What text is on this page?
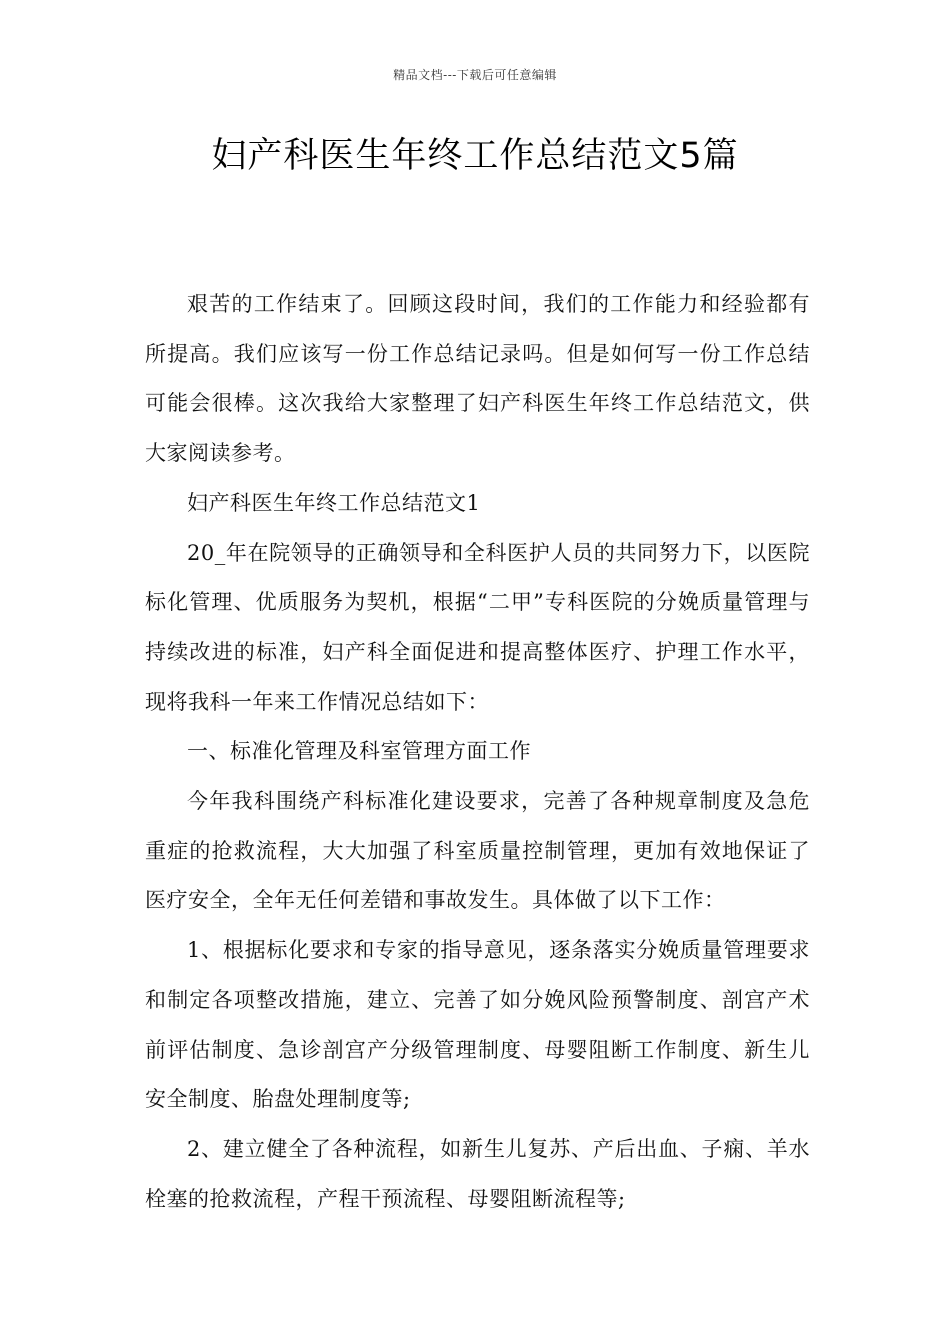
精品文档---下载后可任意编辑
妇产科医生年终工作总结范文5篇

艰苦的工作结束了。回顾这段时间，我们的工作能力和经验都有所提高。我们应该写一份工作总结记录吗。但是如何写一份工作总结可能会很棒。这次我给大家整理了妇产科医生年终工作总结范文，供大家阅读参考。

妇产科医生年终工作总结范文1

20_年在院领导的正确领导和全科医护人员的共同努力下，以医院标化管理、优质服务为契机，根据“二甲”专科医院的分娩质量管理与持续改进的标准，妇产科全面促进和提高整体医疗、护理工作水平，现将我科一年来工作情况总结如下：

一、标准化管理及科室管理方面工作

今年我科围绕产科标准化建设要求，完善了各种规章制度及急危重症的抢救流程，大大加强了科室质量控制管理，更加有效地保证了医疗安全，全年无任何差错和事故发生。具体做了以下工作：

1、根据标化要求和专家的指导意见，逐条落实分娩质量管理要求和制定各项整改措施，建立、完善了如分娩风险预警制度、剖宫产术前评估制度、急诊剖宫产分级管理制度、母婴阻断工作制度、新生儿安全制度、胎盘处理制度等;

2、建立健全了各种流程，如新生儿复苏、产后出血、子痫、羊水栓塞的抢救流程，产程干预流程、母婴阻断流程等;
